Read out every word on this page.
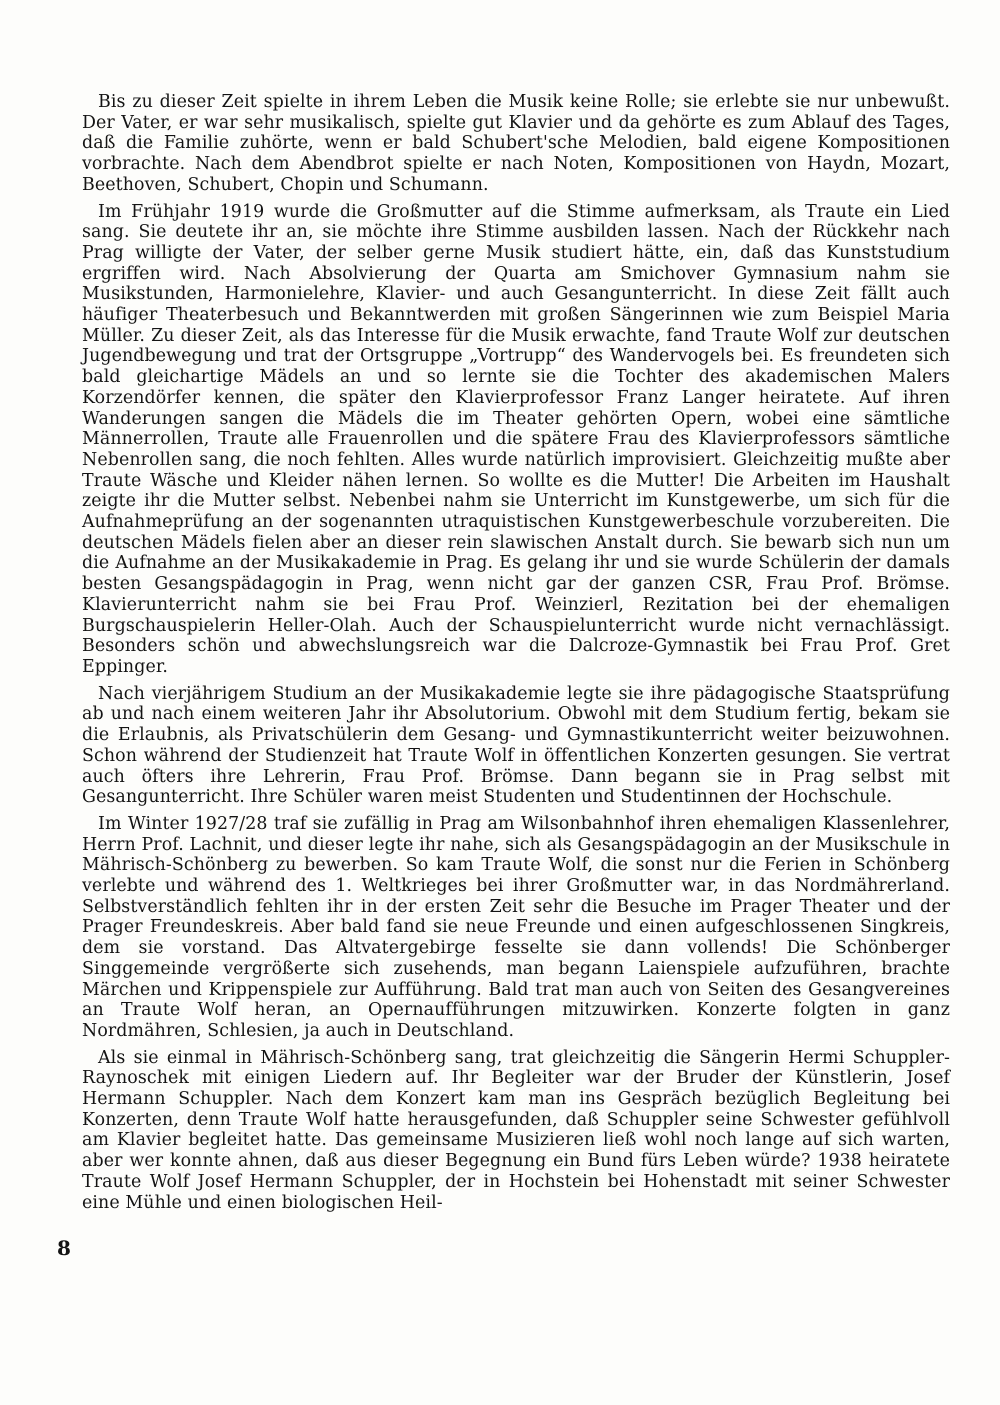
Bis zu dieser Zeit spielte in ihrem Leben die Musik keine Rolle; sie erlebte sie nur unbewußt. Der Vater, er war sehr musikalisch, spielte gut Klavier und da gehörte es zum Ablauf des Tages, daß die Familie zuhörte, wenn er bald Schubert'sche Melodien, bald eigene Kompositionen vorbrachte. Nach dem Abendbrot spielte er nach Noten, Kompositionen von Haydn, Mozart, Beethoven, Schubert, Chopin und Schumann.

Im Frühjahr 1919 wurde die Großmutter auf die Stimme aufmerksam, als Traute ein Lied sang. Sie deutete ihr an, sie möchte ihre Stimme ausbilden lassen. Nach der Rückkehr nach Prag willigte der Vater, der selber gerne Musik studiert hätte, ein, daß das Kunststudium ergriffen wird. Nach Absolvierung der Quarta am Smichover Gymnasium nahm sie Musikstunden, Harmonielehre, Klavier- und auch Gesangunterricht. In diese Zeit fällt auch häufiger Theaterbesuch und Bekanntwerden mit großen Sängerinnen wie zum Beispiel Maria Müller. Zu dieser Zeit, als das Interesse für die Musik erwachte, fand Traute Wolf zur deutschen Jugendbewegung und trat der Ortsgruppe „Vortrupp“ des Wandervogels bei. Es freundeten sich bald gleichartige Mädels an und so lernte sie die Tochter des akademischen Malers Korzendörfer kennen, die später den Klavierprofessor Franz Langer heiratete. Auf ihren Wanderungen sangen die Mädels die im Theater gehörten Opern, wobei eine sämtliche Männerrollen, Traute alle Frauenrollen und die spätere Frau des Klavierprofessors sämtliche Nebenrollen sang, die noch fehlten. Alles wurde natürlich improvisiert. Gleichzeitig mußte aber Traute Wäsche und Kleider nähen lernen. So wollte es die Mutter! Die Arbeiten im Haushalt zeigte ihr die Mutter selbst. Nebenbei nahm sie Unterricht im Kunstgewerbe, um sich für die Aufnahmeprüfung an der sogenannten utraquistischen Kunstgewerbeschule vorzubereiten. Die deutschen Mädels fielen aber an dieser rein slawischen Anstalt durch. Sie bewarb sich nun um die Aufnahme an der Musikakademie in Prag. Es gelang ihr und sie wurde Schülerin der damals besten Gesangspädagogin in Prag, wenn nicht gar der ganzen CSR, Frau Prof. Brömse. Klavierunterricht nahm sie bei Frau Prof. Weinzierl, Rezitation bei der ehemaligen Burgschauspielerin Heller-Olah. Auch der Schauspielunterricht wurde nicht vernachlässigt. Besonders schön und abwechslungsreich war die Dalcroze-Gymnastik bei Frau Prof. Gret Eppinger.

Nach vierjährigem Studium an der Musikakademie legte sie ihre pädagogische Staatsprüfung ab und nach einem weiteren Jahr ihr Absolutorium. Obwohl mit dem Studium fertig, bekam sie die Erlaubnis, als Privatschülerin dem Gesang- und Gymnastikunterricht weiter beizuwohnen. Schon während der Studienzeit hat Traute Wolf in öffentlichen Konzerten gesungen. Sie vertrat auch öfters ihre Lehrerin, Frau Prof. Brömse. Dann begann sie in Prag selbst mit Gesangunterricht. Ihre Schüler waren meist Studenten und Studentinnen der Hochschule.

Im Winter 1927/28 traf sie zufällig in Prag am Wilsonbahnhof ihren ehemaligen Klassenlehrer, Herrn Prof. Lachnit, und dieser legte ihr nahe, sich als Gesangspädagogin an der Musikschule in Mährisch-Schönberg zu bewerben. So kam Traute Wolf, die sonst nur die Ferien in Schönberg verlebte und während des 1. Weltkrieges bei ihrer Großmutter war, in das Nordmährerland. Selbstverständlich fehlten ihr in der ersten Zeit sehr die Besuche im Prager Theater und der Prager Freundeskreis. Aber bald fand sie neue Freunde und einen aufgeschlossenen Singkreis, dem sie vorstand. Das Altvatergebirge fesselte sie dann vollends! Die Schönberger Singgemeinde vergrößerte sich zusehends, man begann Laienspiele aufzuführen, brachte Märchen und Krippenspiele zur Aufführung. Bald trat man auch von Seiten des Gesangvereines an Traute Wolf heran, an Opernaufführungen mitzuwirken. Konzerte folgten in ganz Nordmähren, Schlesien, ja auch in Deutschland.

Als sie einmal in Mährisch-Schönberg sang, trat gleichzeitig die Sängerin Hermi Schuppler-Raynoschek mit einigen Liedern auf. Ihr Begleiter war der Bruder der Künstlerin, Josef Hermann Schuppler. Nach dem Konzert kam man ins Gespräch bezüglich Begleitung bei Konzerten, denn Traute Wolf hatte herausgefunden, daß Schuppler seine Schwester gefühlvoll am Klavier begleitet hatte. Das gemeinsame Musizieren ließ wohl noch lange auf sich warten, aber wer konnte ahnen, daß aus dieser Begegnung ein Bund fürs Leben würde? 1938 heiratete Traute Wolf Josef Hermann Schuppler, der in Hochstein bei Hohenstadt mit seiner Schwester eine Mühle und einen biologischen Heil-

8
